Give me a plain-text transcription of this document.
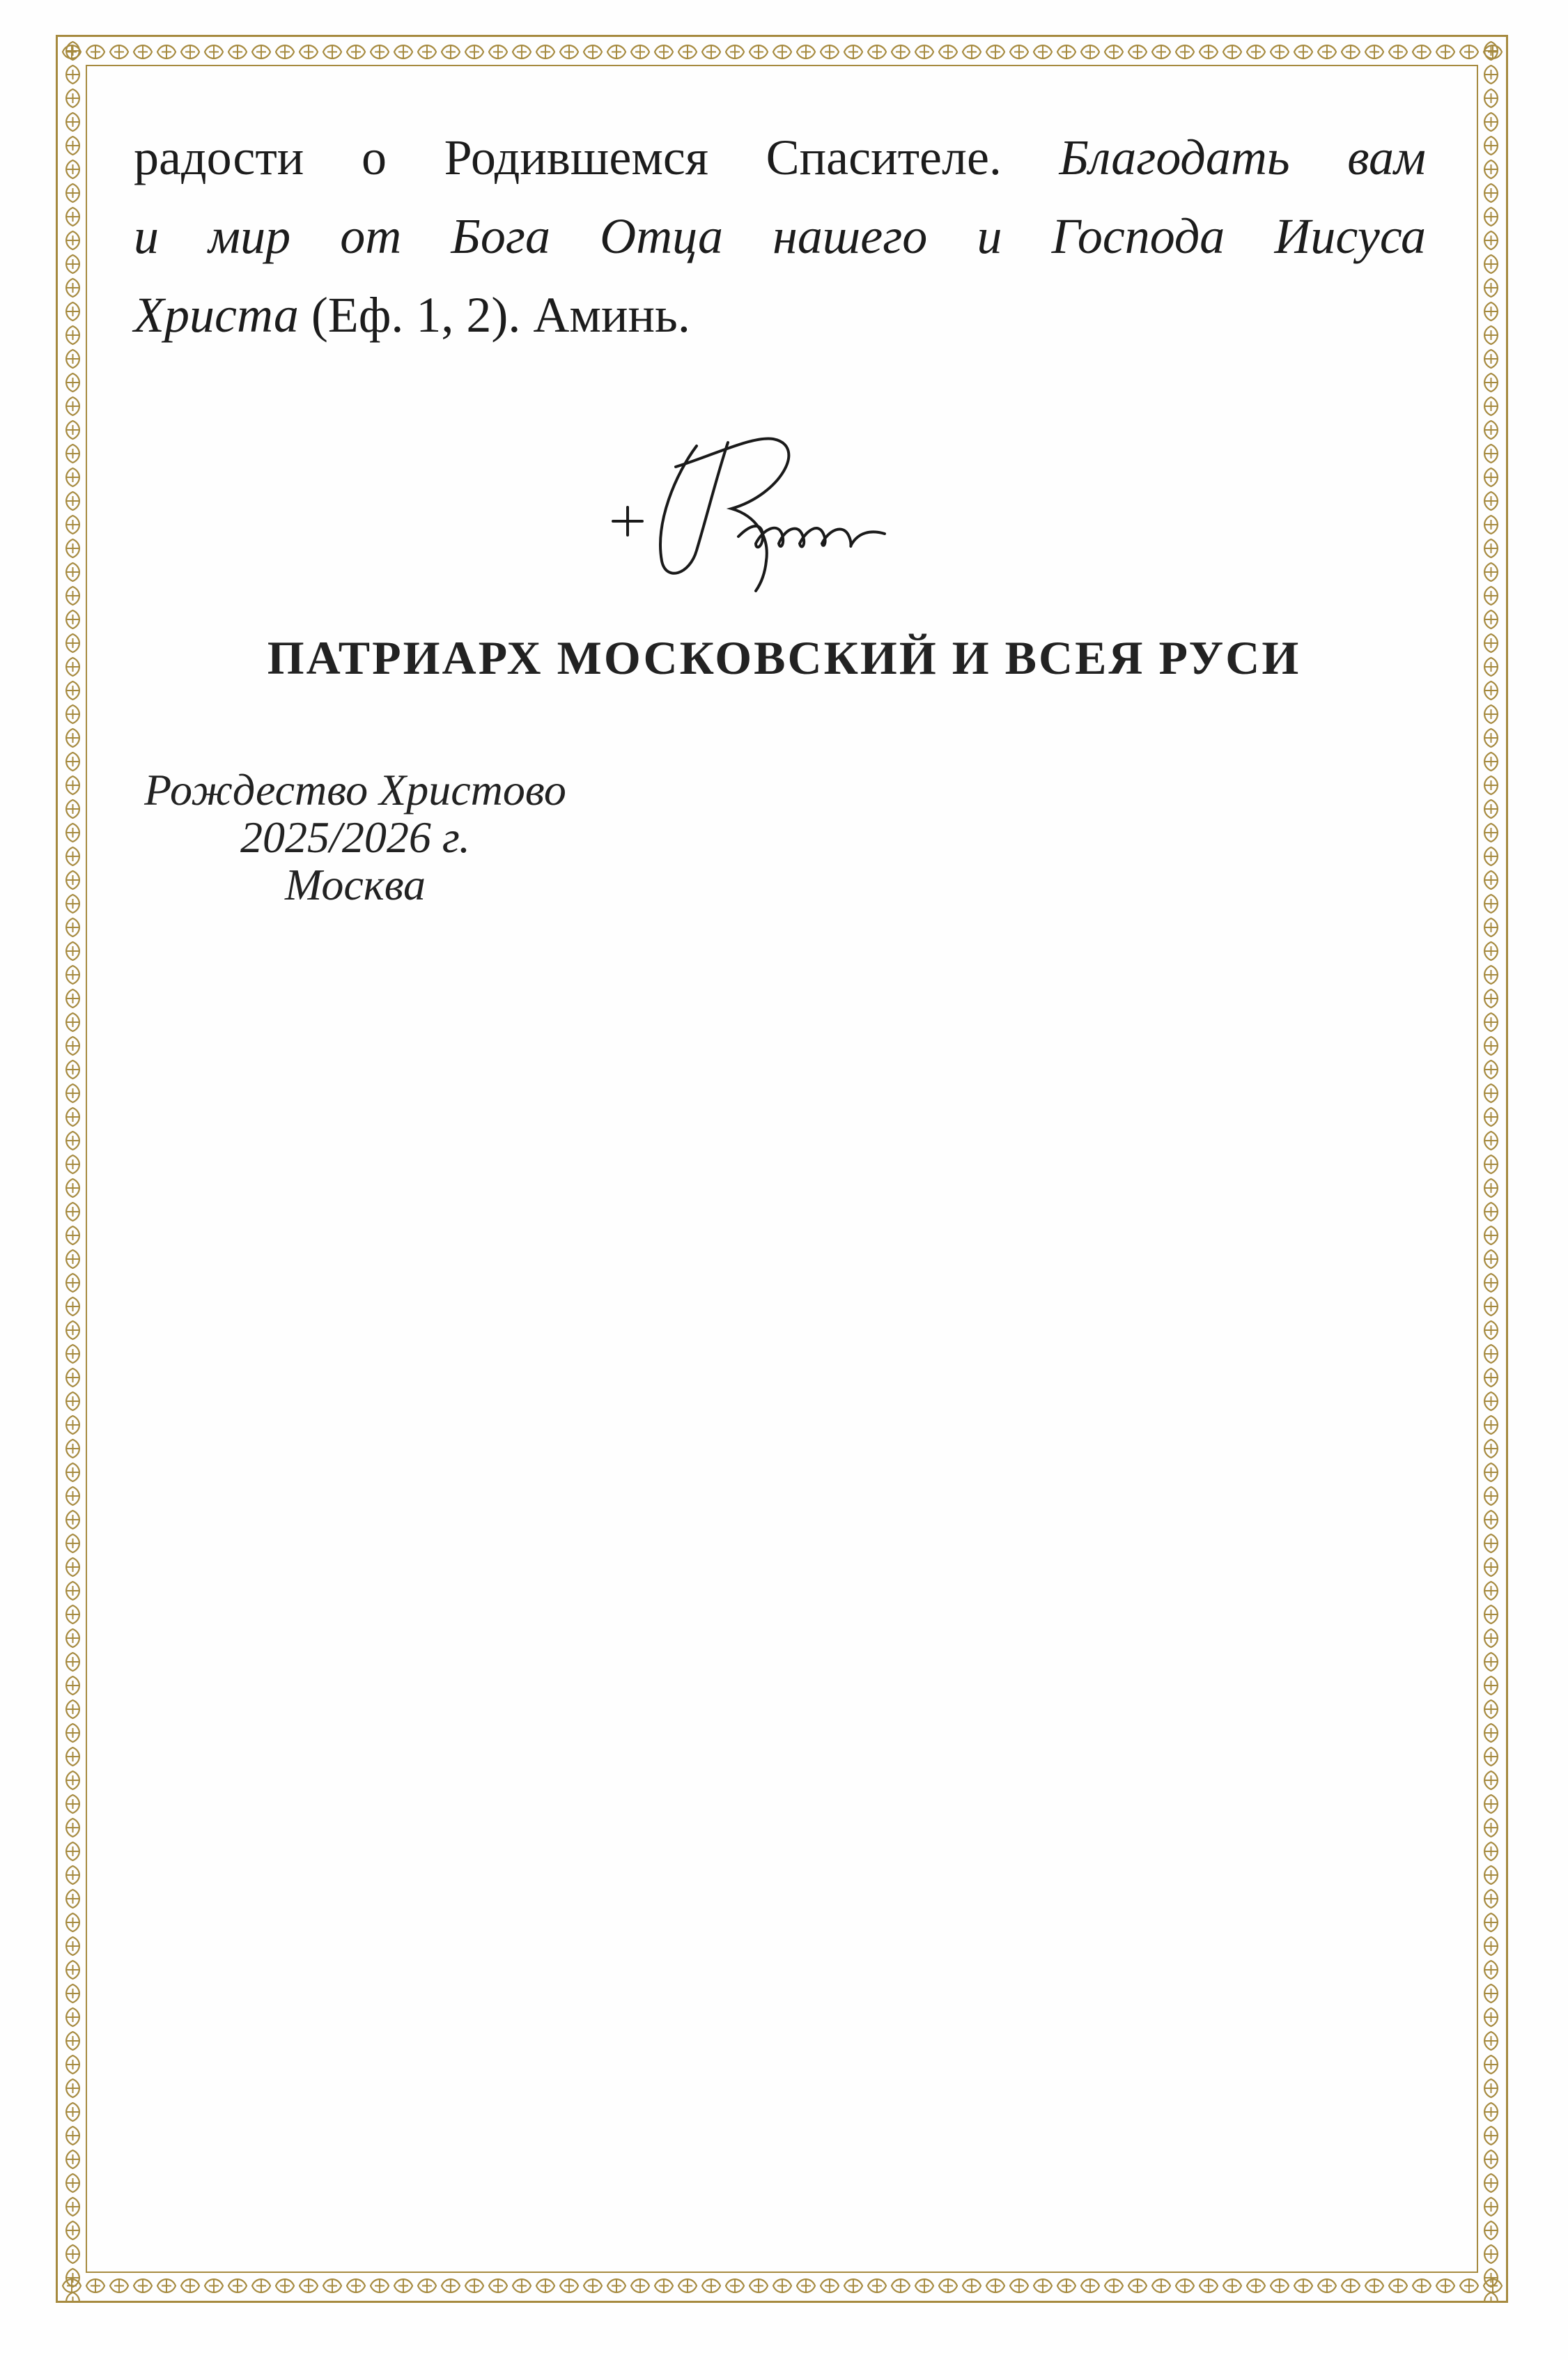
радости о Родившемся Спасителе. Благодать вам
и мир от Бога Отца нашего и Господа Иисуса
Христа (Еф. 1, 2). Аминь.
ПАТРИАРХ МОСКОВСКИЙ И ВСЕЯ РУСИ
Рождество Христово
2025/2026 г.
Москва
